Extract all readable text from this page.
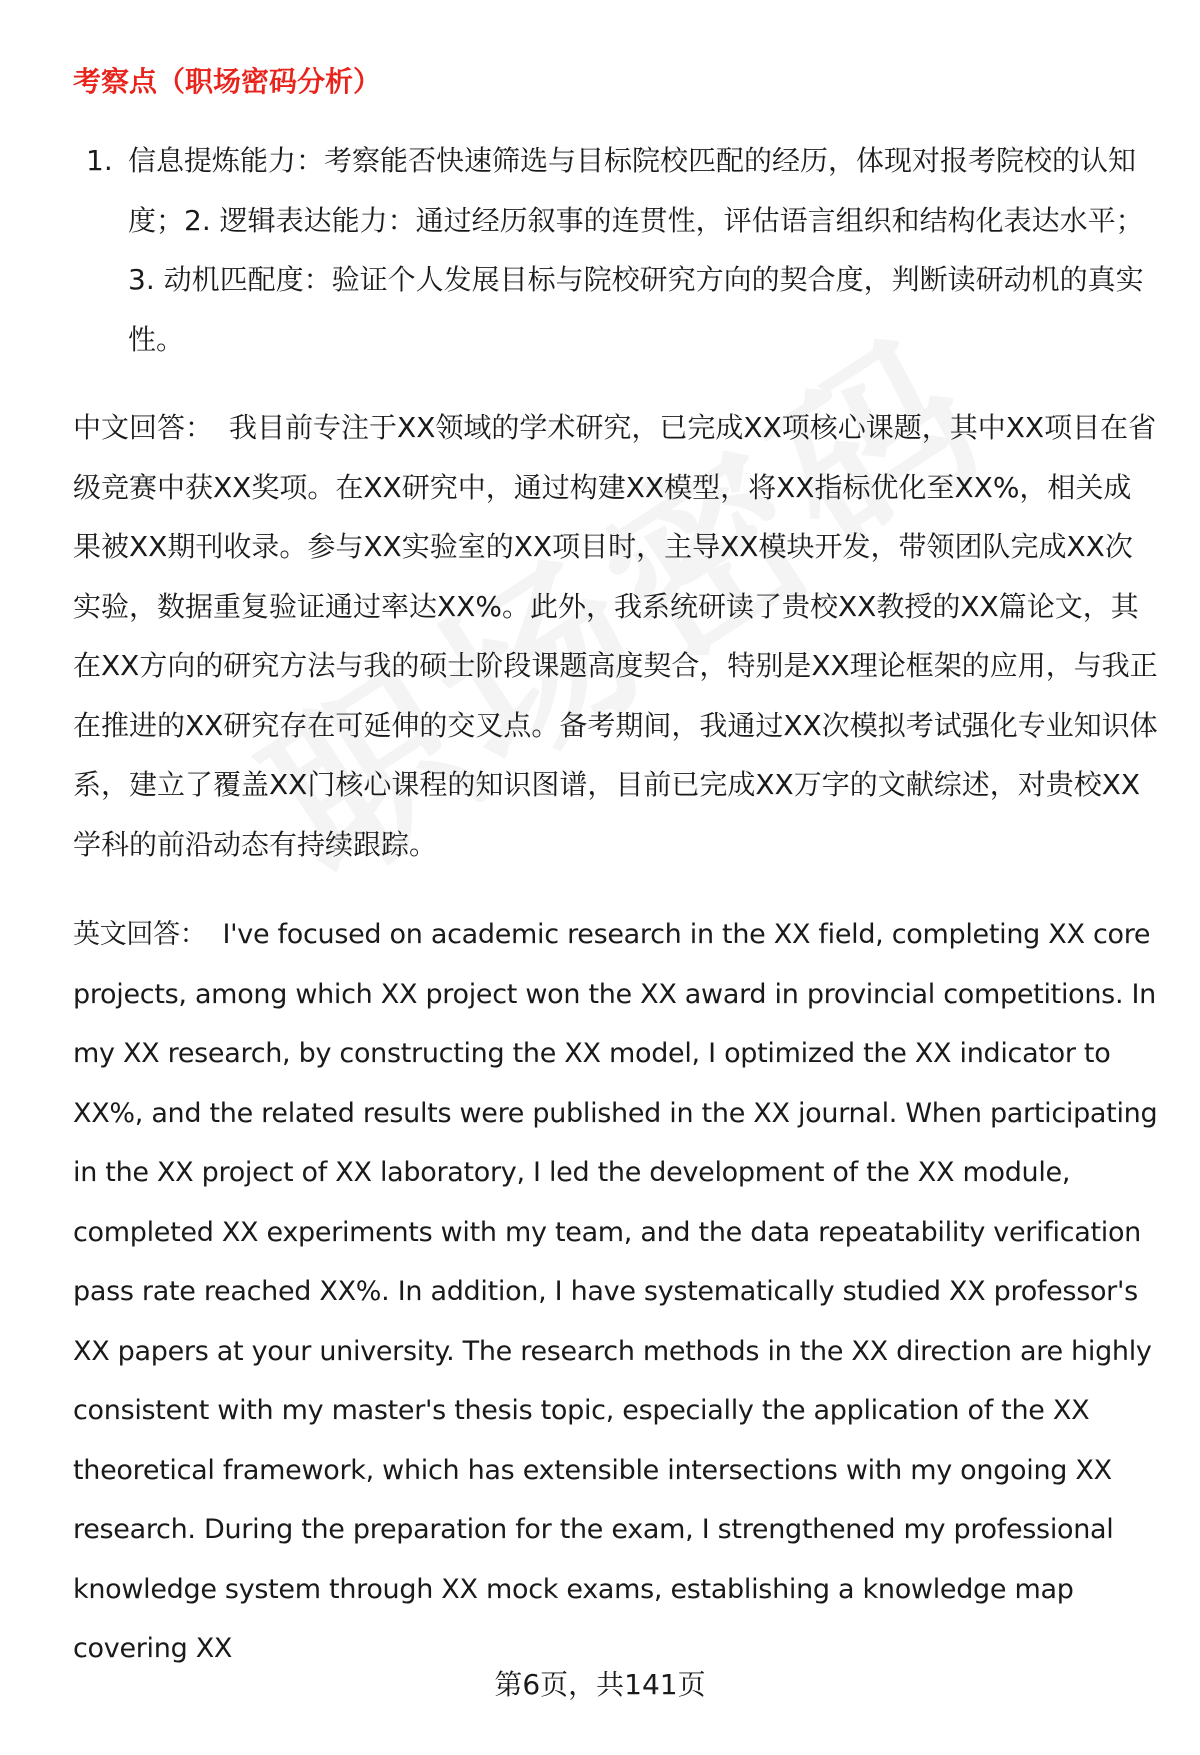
考察点（职场密码分析）
1. 信息提炼能力：考察能否快速筛选与目标院校匹配的经历，体现对报考院校的认知度；2. 逻辑表达能力：通过经历叙事的连贯性，评估语言组织和结构化表达水平；3. 动机匹配度：验证个人发展目标与院校研究方向的契合度，判断读研动机的真实性。

中文回答： 我目前专注于XX领域的学术研究，已完成XX项核心课题，其中XX项目在省级竞赛中获XX奖项。在XX研究中，通过构建XX模型，将XX指标优化至XX%，相关成果被XX期刊收录。参与XX实验室的XX项目时，主导XX模块开发，带领团队完成XX次实验，数据重复验证通过率达XX%。此外，我系统研读了贵校XX教授的XX篇论文，其在XX方向的研究方法与我的硕士阶段课题高度契合，特别是XX理论框架的应用，与我正在推进的XX研究存在可延伸的交叉点。备考期间，我通过XX次模拟考试强化专业知识体系，建立了覆盖XX门核心课程的知识图谱，目前已完成XX万字的文献综述，对贵校XX学科的前沿动态有持续跟踪。

英文回答： I've focused on academic research in the XX field, completing XX core projects, among which XX project won the XX award in provincial competitions. In my XX research, by constructing the XX model, I optimized the XX indicator to XX%, and the related results were published in the XX journal. When participating in the XX project of XX laboratory, I led the development of the XX module, completed XX experiments with my team, and the data repeatability verification pass rate reached XX%. In addition, I have systematically studied XX professor's XX papers at your university. The research methods in the XX direction are highly consistent with my master's thesis topic, especially the application of the XX theoretical framework, which has extensible intersections with my ongoing XX research. During the preparation for the exam, I strengthened my professional knowledge system through XX mock exams, establishing a knowledge map covering XX

第6页，共141页
